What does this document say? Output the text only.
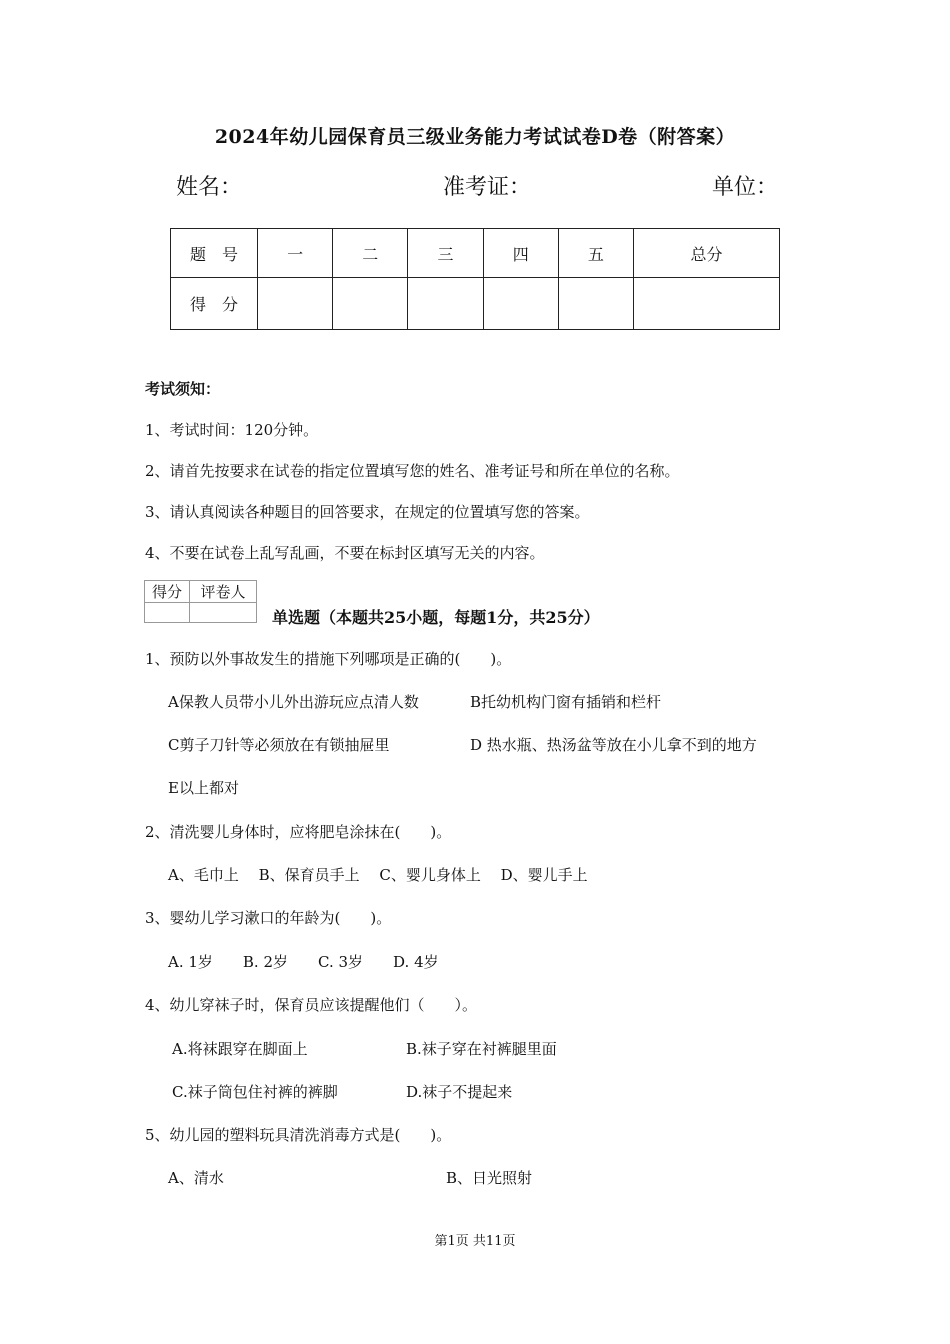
2024年幼儿园保育员三级业务能力考试试卷D卷（附答案）
姓名：	准考证：	单位：
题　号	一	二	三	四	五	总分
得　分						
考试须知：
1、考试时间：120分钟。
2、请首先按要求在试卷的指定位置填写您的姓名、准考证号和所在单位的名称。
3、请认真阅读各种题目的回答要求，在规定的位置填写您的答案。
4、不要在试卷上乱写乱画，不要在标封区填写无关的内容。
得分	评卷人

单选题（本题共25小题，每题1分，共25分）
1、预防以外事故发生的措施下列哪项是正确的(　　)。
A保教人员带小儿外出游玩应点清人数	B托幼机构门窗有插销和栏杆
C剪子刀针等必须放在有锁抽屉里	D 热水瓶、热汤盆等放在小儿拿不到的地方
E以上都对
2、清洗婴儿身体时，应将肥皂涂抹在(　　)。
A、毛巾上　 B、保育员手上　 C、婴儿身体上　 D、婴儿手上
3、婴幼儿学习漱口的年龄为(　　)。
A. 1岁　　B. 2岁　　C. 3岁　　D. 4岁
4、幼儿穿袜子时，保育员应该提醒他们（　　）。
A.将袜跟穿在脚面上	B.袜子穿在衬裤腿里面
C.袜子筒包住衬裤的裤脚	D.袜子不提起来
5、幼儿园的塑料玩具清洗消毒方式是(　　)。
A、清水	B、日光照射
第1页 共11页
